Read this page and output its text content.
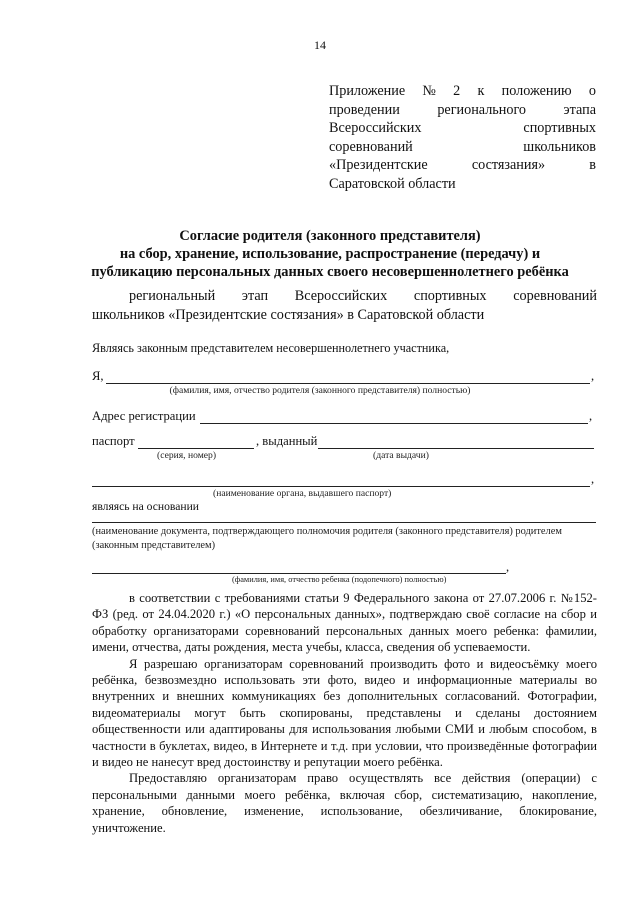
14
Приложение № 2 к положению о
проведении	регионального	этапа
Всероссийских	спортивных
соревнований	школьников
«Президентские	состязания»	в
Саратовской области
Согласие родителя (законного представителя)
на сбор, хранение, использование, распространение (передачу) и
публикацию персональных данных своего несовершеннолетнего ребёнка
региональный этап Всероссийских спортивных соревнований
школьников «Президентские состязания» в Саратовской области
Являясь законным представителем несовершеннолетнего участника,
Я,	,
(фамилия, имя, отчество родителя (законного представителя) полностью)
Адрес регистрации	,
паспорт	, выданный
(серия, номер)	(дата выдачи)
,
(наименование органа, выдавшего паспорт)
являясь на основании
(наименование документа, подтверждающего полномочия родителя (законного представителя) родителем (законным представителем)
,
(фамилия, имя, отчество ребенка (подопечного) полностью)

в соответствии с требованиями статьи 9 Федерального закона от 27.07.2006 г. №152-ФЗ (ред. от 24.04.2020 г.) «О персональных данных», подтверждаю своё согласие на сбор и обработку организаторами соревнований персональных данных моего ребенка: фамилии, имени, отчества, даты рождения, места учебы, класса, сведения об успеваемости.

Я разрешаю организаторам соревнований производить фото и видеосъёмку моего ребёнка, безвозмездно использовать эти фото, видео и информационные материалы во внутренних и внешних коммуникациях без дополнительных согласований. Фотографии, видеоматериалы могут быть скопированы, представлены и сделаны достоянием общественности или адаптированы для использования любыми СМИ и любым способом, в частности в буклетах, видео, в Интернете и т.д. при условии, что произведённые фотографии и видео не нанесут вред достоинству и репутации моего ребёнка.

Предоставляю организаторам право осуществлять все действия (операции) с персональными данными моего ребёнка, включая сбор, систематизацию, накопление, хранение, обновление, изменение, использование, обезличивание, блокирование, уничтожение.
